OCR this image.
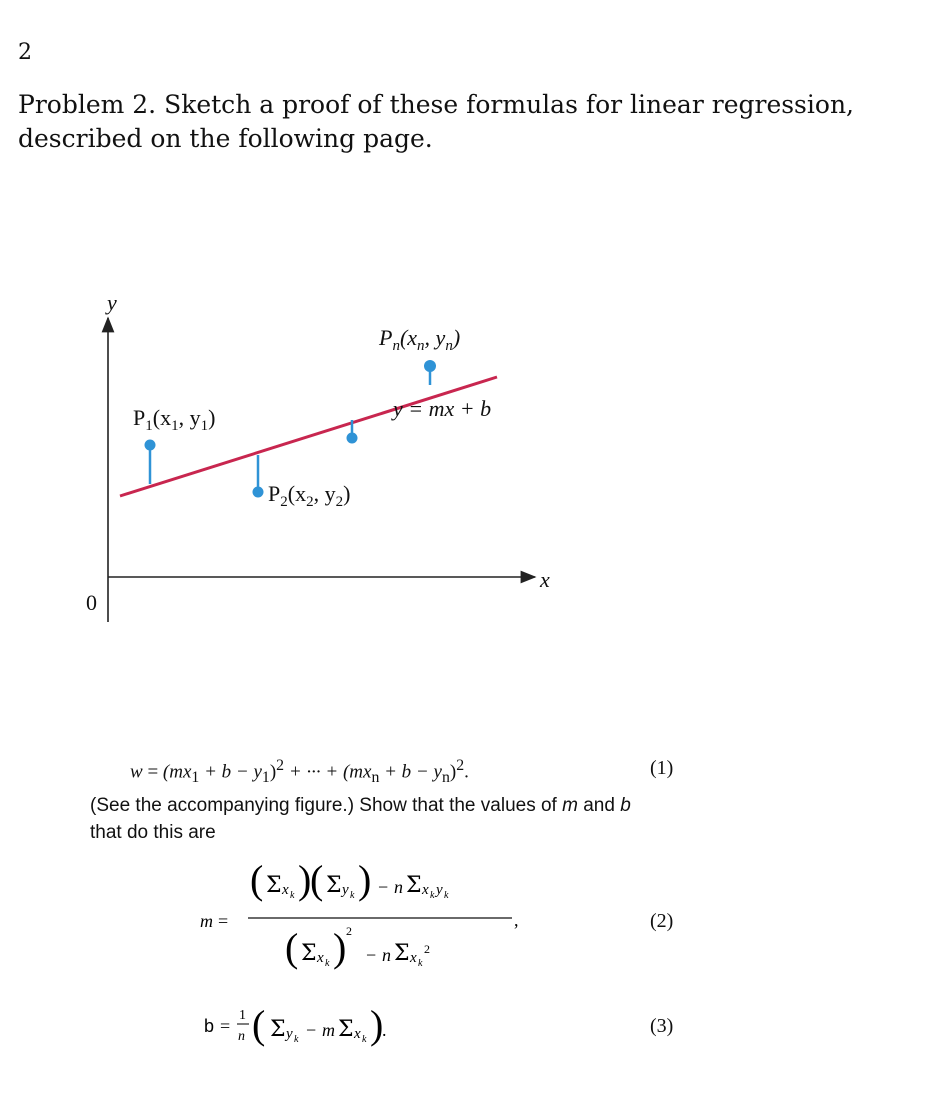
2
Problem 2. Sketch a proof of these formulas for linear regression, described on the following page.
y
x
0
y = mx + b
$P_1(x_1$, $y_1$)
$P_2(x_2$, $y_2$)
$P_n(x_n$, $y_n$)
$w = (mx_1 + b - y_1)^2$ + ··· + $(mx_n + b - y_n)^2$.	(1)
(See the accompanying figure.) Show that the values of m and b
that do this are
m =
( Σ x k )
( Σ y k ) − n Σ x k y k
,
( Σ x k ) 2
− n Σ x k
2
(2)
b =
1
n ( Σ y k − m Σ x k )
.	(3)
